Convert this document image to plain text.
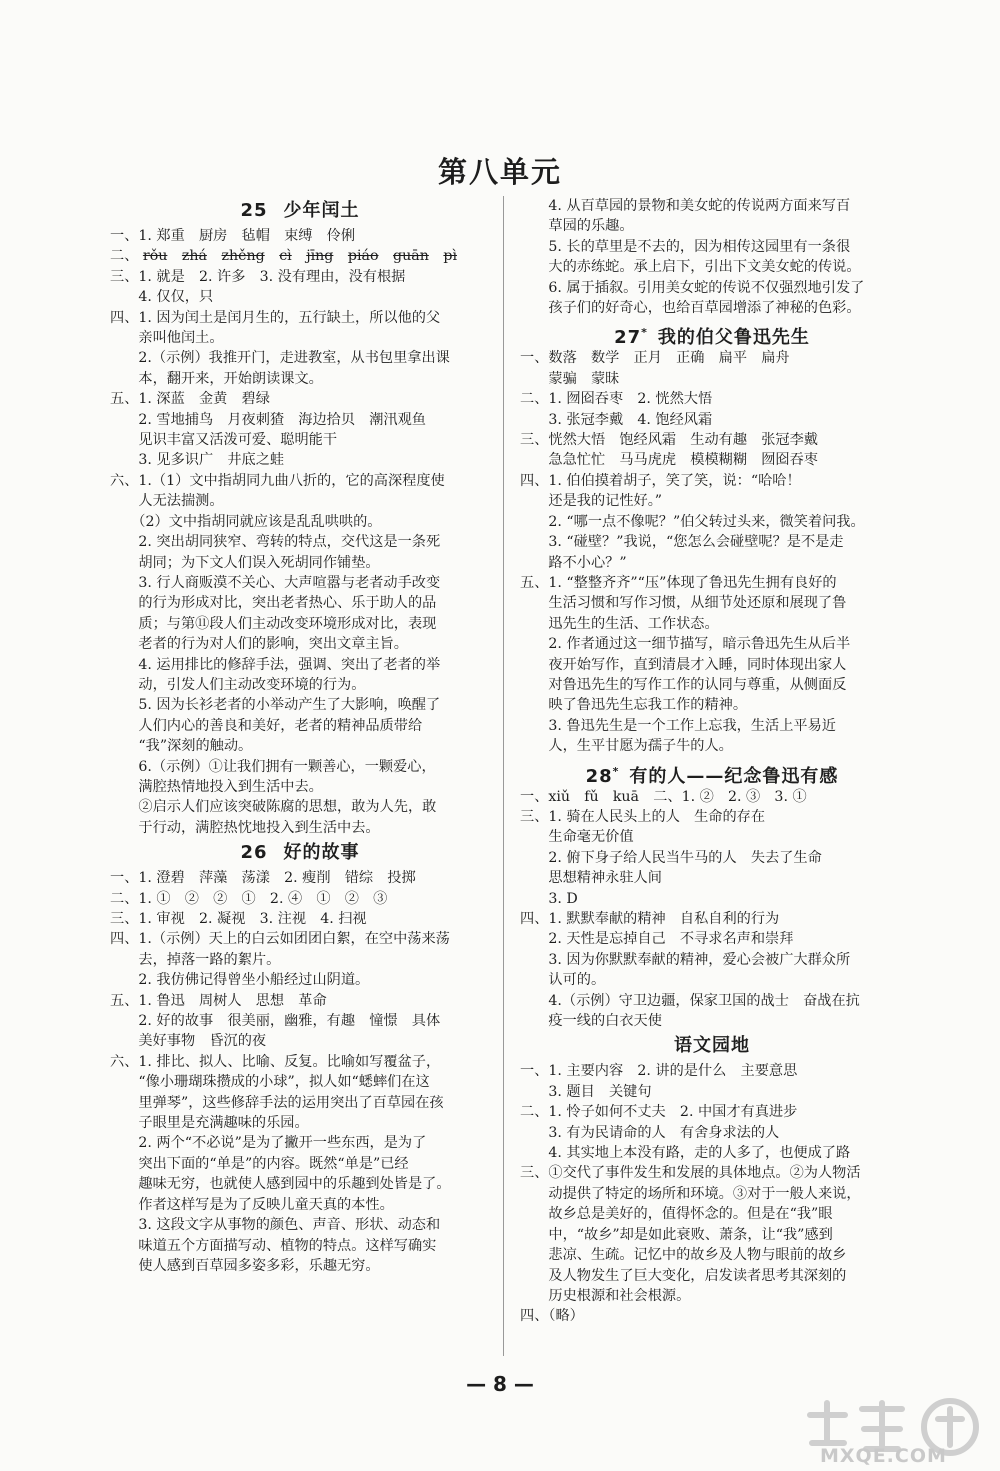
第八单元
25 少年闰土
一、1. 郑重　厨房　毡帽　束缚　伶俐
二、 rǒu zhá zhěng cì jīng piáo guān pì
三、1. 就是　2. 许多　3. 没有理由，没有根据
　　4. 仅仅，只
四、1. 因为闰土是闰月生的，五行缺土，所以他的父
　　亲叫他闰土。
　　2.（示例）我推开门，走进教室，从书包里拿出课
　　本，翻开来，开始朗读课文。
五、1. 深蓝　金黄　碧绿
　　2. 雪地捕鸟　月夜刺猹　海边拾贝　潮汛观鱼
　　见识丰富又活泼可爱、聪明能干
　　3. 见多识广　井底之蛙
六、1.（1）文中指胡同九曲八折的，它的高深程度使
　　人无法揣测。
　　（2）文中指胡同就应该是乱乱哄哄的。
　　2. 突出胡同狭窄、弯转的特点，交代这是一条死
　　胡同；为下文人们误入死胡同作铺垫。
　　3. 行人商贩漠不关心、大声喧嚣与老者动手改变
　　的行为形成对比，突出老者热心、乐于助人的品
　　质；与第⑪段人们主动改变环境形成对比，表现
　　老者的行为对人们的影响，突出文章主旨。
　　4. 运用排比的修辞手法，强调、突出了老者的举
　　动，引发人们主动改变环境的行为。
　　5. 因为长衫老者的小举动产生了大影响，唤醒了
　　人们内心的善良和美好，老者的精神品质带给
　　“我”深刻的触动。
　　6.（示例）①让我们拥有一颗善心，一颗爱心，
　　满腔热情地投入到生活中去。
　　②启示人们应该突破陈腐的思想，敢为人先，敢
　　于行动，满腔热忱地投入到生活中去。
26 好的故事
一、1. 澄碧　萍藻　荡漾　2. 瘦削　错综　投掷
二、1. ①　②　②　①　2. ④　①　②　③
三、1. 审视　2. 凝视　3. 注视　4. 扫视
四、1.（示例）天上的白云如团团白絮，在空中荡来荡
　　去，掉落一路的絮片。
　　2. 我仿佛记得曾坐小船经过山阴道。
五、1. 鲁迅　周树人　思想　革命
　　2. 好的故事　很美丽，幽雅，有趣　憧憬　具体
　　美好事物　昏沉的夜
六、1. 排比、拟人、比喻、反复。比喻如写覆盆子，
　　“像小珊瑚珠攒成的小球”，拟人如“蟋蟀们在这
　　里弹琴”，这些修辞手法的运用突出了百草园在孩
　　子眼里是充满趣味的乐园。
　　2. 两个“不必说”是为了撇开一些东西，是为了
　　突出下面的“单是”的内容。既然“单是”已经
　　趣味无穷，也就使人感到园中的乐趣到处皆是了。
　　作者这样写是为了反映儿童天真的本性。
　　3. 这段文字从事物的颜色、声音、形状、动态和
　　味道五个方面描写动、植物的特点。这样写确实
　　使人感到百草园多姿多彩，乐趣无穷。
　　4. 从百草园的景物和美女蛇的传说两方面来写百
　　草园的乐趣。
　　5. 长的草里是不去的，因为相传这园里有一条很
　　大的赤练蛇。承上启下，引出下文美女蛇的传说。
　　6. 属于插叙。引用美女蛇的传说不仅强烈地引发了
　　孩子们的好奇心，也给百草园增添了神秘的色彩。
27* 我的伯父鲁迅先生
一、数落　数学　正月　正确　扁平　扁舟
　　蒙骗　蒙昧
二、1. 囫囵吞枣　2. 恍然大悟
　　3. 张冠李戴　4. 饱经风霜
三、恍然大悟　饱经风霜　生动有趣　张冠李戴
　　急急忙忙　马马虎虎　模模糊糊　囫囵吞枣
四、1. 伯伯摸着胡子，笑了笑，说：“哈哈！
　　还是我的记性好。”
　　2. “哪一点不像呢？”伯父转过头来，微笑着问我。
　　3. “碰壁？”我说，“您怎么会碰壁呢？是不是走
　　路不小心？”
五、1. “整整齐齐”“压”体现了鲁迅先生拥有良好的
　　生活习惯和写作习惯，从细节处还原和展现了鲁
　　迅先生的生活、工作状态。
　　2. 作者通过这一细节描写，暗示鲁迅先生从后半
　　夜开始写作，直到清晨才入睡，同时体现出家人
　　对鲁迅先生的写作工作的认同与尊重，从侧面反
　　映了鲁迅先生忘我工作的精神。
　　3. 鲁迅先生是一个工作上忘我，生活上平易近
　　人，生平甘愿为孺子牛的人。
28* 有的人——纪念鲁迅有感
一、xiǔ　fǔ　kuā　二、1. ②　2. ③　3. ①
三、1. 骑在人民头上的人　生命的存在
　　生命毫无价值
　　2. 俯下身子给人民当牛马的人　失去了生命
　　思想精神永驻人间
　　3. D
四、1. 默默奉献的精神　自私自利的行为
　　2. 天性是忘掉自己　不寻求名声和崇拜
　　3. 因为你默默奉献的精神，爱心会被广大群众所
　　认可的。
　　4.（示例）守卫边疆，保家卫国的战士　奋战在抗
　　疫一线的白衣天使
语文园地
一、1. 主要内容　2. 讲的是什么　主要意思
　　3. 题目　关键句
二、1. 怜子如何不丈夫　2. 中国才有真进步
　　3. 有为民请命的人　有舍身求法的人
　　4. 其实地上本没有路，走的人多了，也便成了路
三、①交代了事件发生和发展的具体地点。②为人物活
　　动提供了特定的场所和环境。③对于一般人来说，
　　故乡总是美好的，值得怀念的。但是在“我”眼
　　中，“故乡”却是如此衰败、萧条，让“我”感到
　　悲凉、生疏。记忆中的故乡及人物与眼前的故乡
　　及人物发生了巨大变化，启发读者思考其深刻的
　　历史根源和社会根源。
四、（略）
— 8 —
MXQE.COM
